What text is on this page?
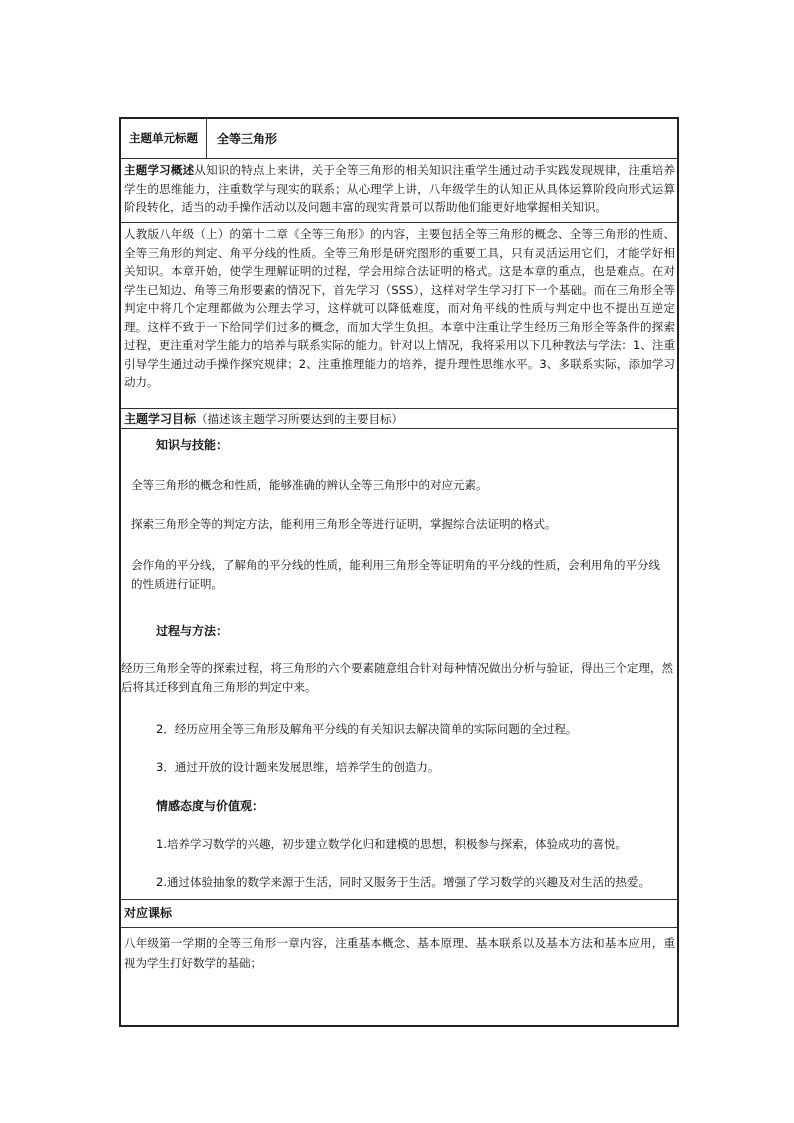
主题单元标题	全等三角形
主题学习概述从知识的特点上来讲，关于全等三角形的相关知识注重学生通过动手实践发现规律，注重培养学生的思维能力，注重数学与现实的联系；从心理学上讲，八年级学生的认知正从具体运算阶段向形式运算阶段转化，适当的动手操作活动以及问题丰富的现实背景可以帮助他们能更好地掌握相关知识。
人教版八年级（上）的第十二章《全等三角形》的内容，主要包括全等三角形的概念、全等三角形的性质、全等三角形的判定、角平分线的性质。全等三角形是研究图形的重要工具，只有灵活运用它们，才能学好相关知识。本章开始，使学生理解证明的过程，学会用综合法证明的格式。这是本章的重点，也是难点。在对学生已知边、角等三角形要素的情况下，首先学习（SSS），这样对学生学习打下一个基础。而在三角形全等判定中将几个定理都做为公理去学习，这样就可以降低难度，而对角平线的性质与判定中也不提出互逆定理。这样不致于一下给同学们过多的概念，而加大学生负担。本章中注重让学生经历三角形全等条件的探索过程，更注重对学生能力的培养与联系实际的能力。针对以上情况，我将采用以下几种教法与学法：1、注重引导学生通过动手操作探究规律；2、注重推理能力的培养，提升理性思维水平。3、多联系实际，添加学习动力。
主题学习目标（描述该主题学习所要达到的主要目标）
知识与技能：
全等三角形的概念和性质，能够准确的辨认全等三角形中的对应元素。
探索三角形全等的判定方法，能利用三角形全等进行证明，掌握综合法证明的格式。
会作角的平分线，了解角的平分线的性质，能利用三角形全等证明角的平分线的性质，会利用角的平分线的性质进行证明。
过程与方法：
经历三角形全等的探索过程，将三角形的六个要素随意组合针对每种情况做出分析与验证，得出三个定理，然后将其迁移到直角三角形的判定中来。
2．经历应用全等三角形及解角平分线的有关知识去解决简单的实际问题的全过程。
3．通过开放的设计题来发展思维，培养学生的创造力。
情感态度与价值观：
1.培养学习数学的兴趣，初步建立数学化归和建模的思想，积极参与探索，体验成功的喜悦。
2.通过体验抽象的数学来源于生活，同时又服务于生活。增强了学习数学的兴趣及对生活的热爱。
对应课标
八年级第一学期的全等三角形一章内容，注重基本概念、基本原理、基本联系以及基本方法和基本应用，重视为学生打好数学的基础；
